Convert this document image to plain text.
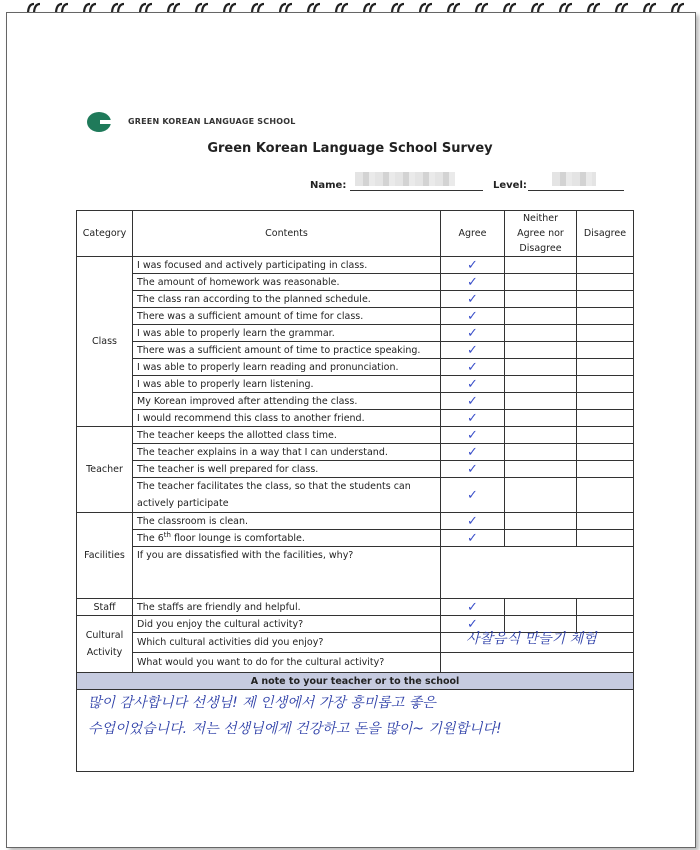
GREEN KOREAN LANGUAGE SCHOOL
Green Korean Language School Survey
Name:	Level:
Category	Contents	Agree	Neither Agree nor Disagree	Disagree
Class	I was focused and actively participating in class.	✓		
	The amount of homework was reasonable.	✓		
	The class ran according to the planned schedule.	✓		
	There was a sufficient amount of time for class.	✓		
	I was able to properly learn the grammar.	✓		
	There was a sufficient amount of time to practice speaking.	✓		
	I was able to properly learn reading and pronunciation.	✓		
	I was able to properly learn listening.	✓		
	My Korean improved after attending the class.	✓		
	I would recommend this class to another friend.	✓		
Teacher	The teacher keeps the allotted class time.	✓		
	The teacher explains in a way that I can understand.	✓		
	The teacher is well prepared for class.	✓		
	The teacher facilitates the class, so that the students can actively participate	✓		
Facilities	The classroom is clean.	✓		
	The 6th floor lounge is comfortable.	✓		
	If you are dissatisfied with the facilities, why?			
Staff	The staffs are friendly and helpful.	✓		
Cultural Activity	Did you enjoy the cultural activity?	✓		
	Which cultural activities did you enjoy?			
	What would you want to do for the cultural activity?			
A note to your teacher or to the school				

사찰음식 만들기 체험
많이 감사합니다 선생님! 제 인생에서 가장 흥미롭고 좋은
수업이었습니다. 저는 선생님에게 건강하고 돈을 많이~ 기원합니다!
